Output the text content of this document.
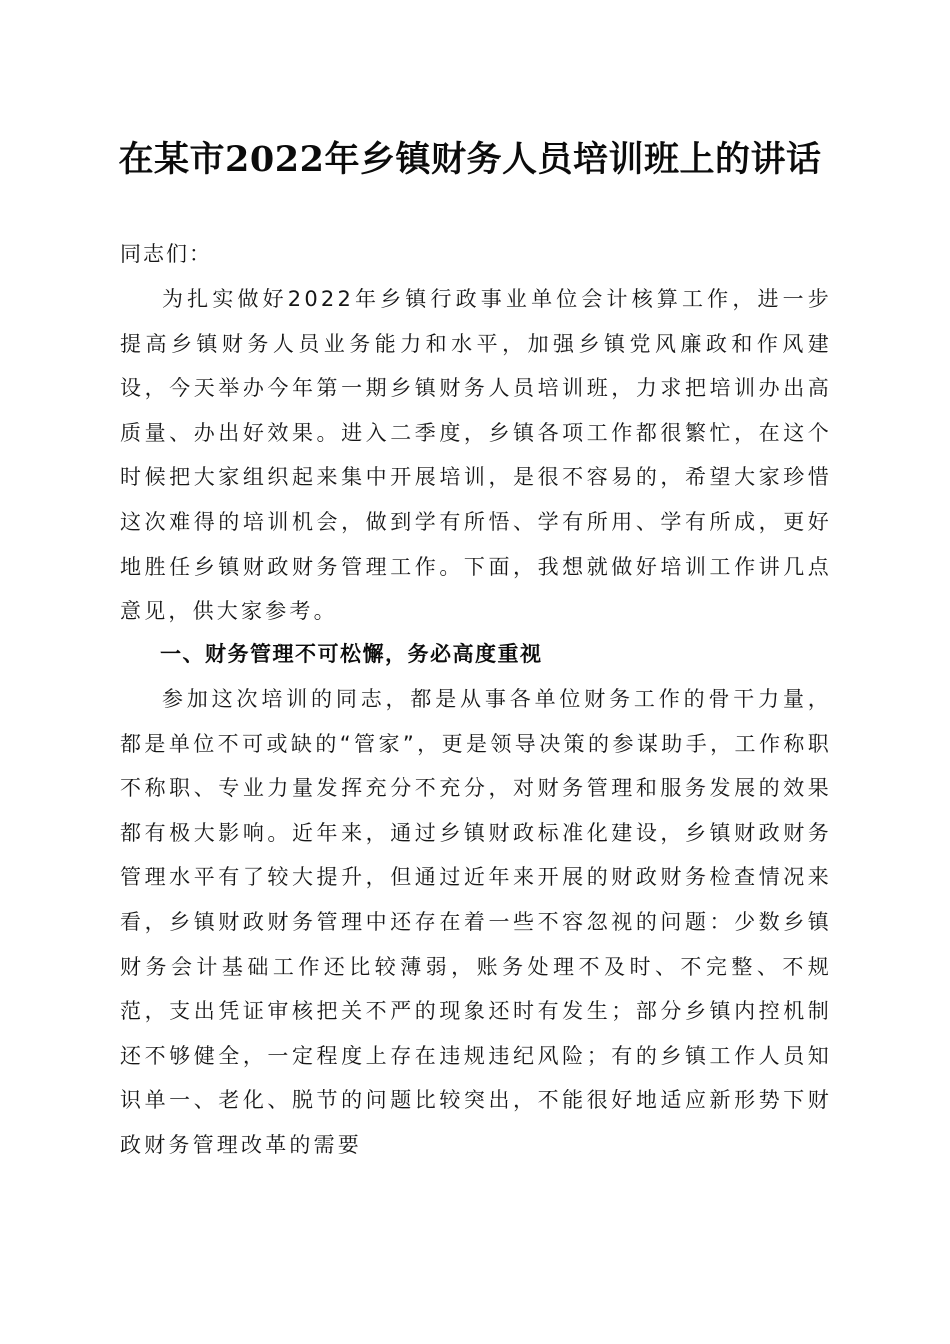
在某市2022年乡镇财务人员培训班上的讲话
同志们：

为扎实做好2022年乡镇行政事业单位会计核算工作，进一步提高乡镇财务人员业务能力和水平，加强乡镇党风廉政和作风建设，今天举办今年第一期乡镇财务人员培训班，力求把培训办出高质量、办出好效果。进入二季度，乡镇各项工作都很繁忙，在这个时候把大家组织起来集中开展培训，是很不容易的，希望大家珍惜这次难得的培训机会，做到学有所悟、学有所用、学有所成，更好地胜任乡镇财政财务管理工作。下面，我想就做好培训工作讲几点意见，供大家参考。

一、财务管理不可松懈，务必高度重视

参加这次培训的同志，都是从事各单位财务工作的骨干力量，都是单位不可或缺的“管家”，更是领导决策的参谋助手，工作称职不称职、专业力量发挥充分不充分，对财务管理和服务发展的效果都有极大影响。近年来，通过乡镇财政标准化建设，乡镇财政财务管理水平有了较大提升，但通过近年来开展的财政财务检查情况来看，乡镇财政财务管理中还存在着一些不容忽视的问题：少数乡镇财务会计基础工作还比较薄弱，账务处理不及时、不完整、不规范，支出凭证审核把关不严的现象还时有发生；部分乡镇内控机制还不够健全，一定程度上存在违规违纪风险；有的乡镇工作人员知识单一、老化、脱节的问题比较突出，不能很好地适应新形势下财政财务管理改革的需要
